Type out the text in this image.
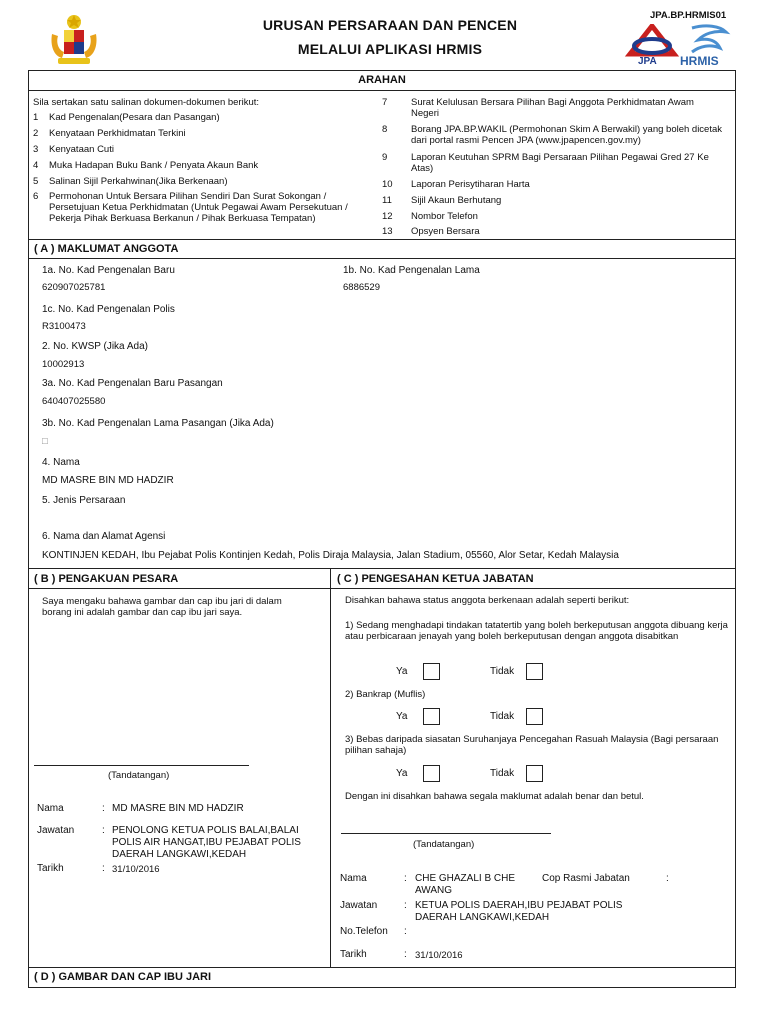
URUSAN PERSARAAN DAN PENCEN
MELALUI APLIKASI HRMIS
JPA.BP.HRMIS01
JPA HRMIS
ARAHAN
Sila sertakan satu salinan dokumen-dokumen berikut:
1 Kad Pengenalan(Pesara dan Pasangan)
2 Kenyataan Perkhidmatan Terkini
3 Kenyataan Cuti
4 Muka Hadapan Buku Bank / Penyata Akaun Bank
5 Salinan Sijil Perkahwinan(Jika Berkenaan)
6 Permohonan Untuk Bersara Pilihan Sendiri Dan Surat Sokongan / Persetujuan Ketua Perkhidmatan (Untuk Pegawai Awam Persekutuan / Pekerja Pihak Berkuasa Berkanun / Pihak Berkuasa Tempatan)
7 Surat Kelulusan Bersara Pilihan Bagi Anggota Perkhidmatan Awam Negeri
8 Borang JPA.BP.WAKIL (Permohonan Skim A Berwakil) yang boleh dicetak dari portal rasmi Pencen JPA (www.jpapencen.gov.my)
9 Laporan Keutuhan SPRM Bagi Persaraan Pilihan Pegawai Gred 27 Ke Atas)
10 Laporan Perisytiharan Harta
11 Sijil Akaun Berhutang
12 Nombor Telefon
13 Opsyen Bersara
( A ) MAKLUMAT ANGGOTA
1a. No. Kad Pengenalan Baru
620907025781
1b. No. Kad Pengenalan Lama
6886529
1c. No. Kad Pengenalan Polis
R3100473
2. No. KWSP (Jika Ada)
10002913
3a. No. Kad Pengenalan Baru Pasangan
640407025580
3b. No. Kad Pengenalan Lama Pasangan (Jika Ada)
□
4. Nama
MD MASRE BIN MD HADZIR
5. Jenis Persaraan
6. Nama dan Alamat Agensi
KONTINJEN KEDAH, Ibu Pejabat Polis Kontinjen Kedah, Polis Diraja Malaysia, Jalan Stadium, 05560, Alor Setar, Kedah Malaysia
( B ) PENGAKUAN PESARA	( C ) PENGESAHAN KETUA JABATAN
Saya mengaku bahawa gambar dan cap ibu jari di dalam borang ini adalah gambar dan cap ibu jari saya.
(Tandatangan)
Nama	: MD MASRE BIN MD HADZIR
Jawatan	: PENOLONG KETUA POLIS BALAI,BALAI POLIS AIR HANGAT,IBU PEJABAT POLIS DAERAH LANGKAWI,KEDAH
Tarikh	: 31/10/2016
Disahkan bahawa status anggota berkenaan adalah seperti berikut:
1) Sedang menghadapi tindakan tatatertib yang boleh berkeputusan anggota dibuang kerja atau perbicaraan jenayah yang boleh berkeputusan dengan anggota disabitkan
Ya	Tidak
2) Bankrap (Muflis)
Ya	Tidak
3) Bebas daripada siasatan Suruhanjaya Pencegahan Rasuah Malaysia (Bagi persaraan pilihan sahaja)
Ya	Tidak
Dengan ini disahkan bahawa segala maklumat adalah benar dan betul.
(Tandatangan)
Nama	: CHE GHAZALI B CHE AWANG
Cop Rasmi Jabatan	:
Jawatan	: KETUA POLIS DAERAH,IBU PEJABAT POLIS DAERAH LANGKAWI,KEDAH
No.Telefon :
Tarikh	: 31/10/2016
( D ) GAMBAR DAN CAP IBU JARI
